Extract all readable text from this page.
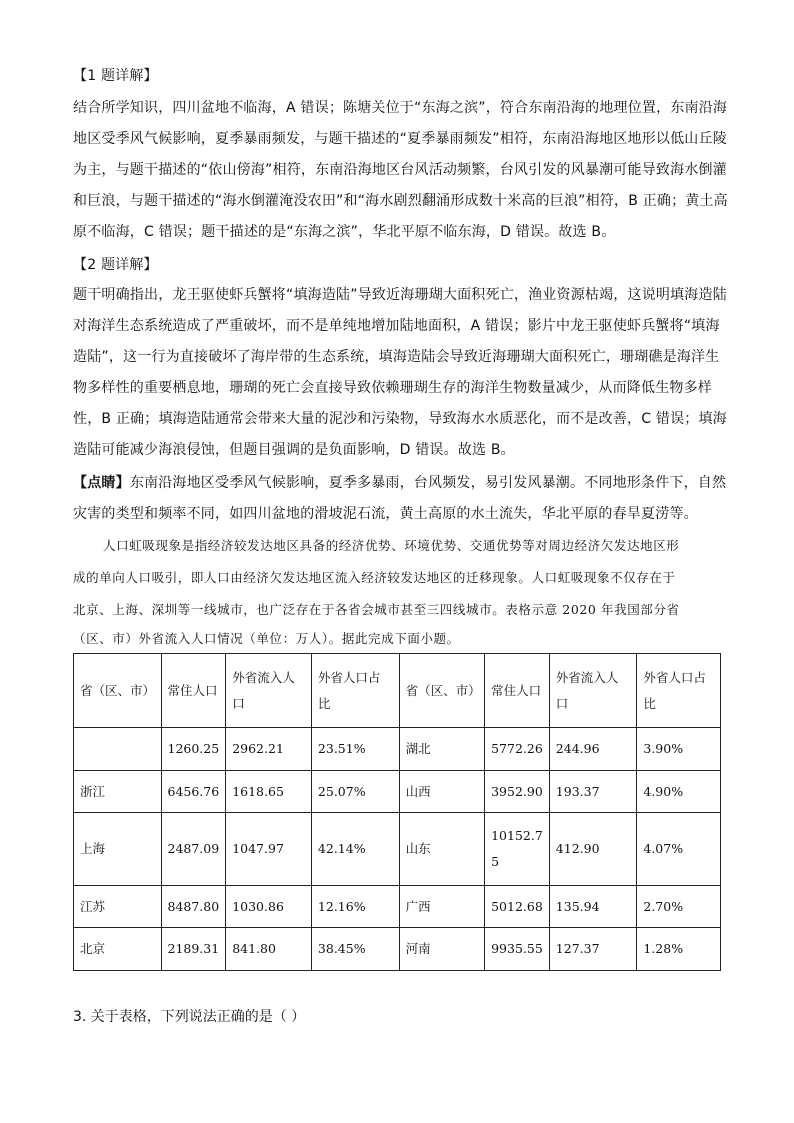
【1 题详解】
结合所学知识，四川盆地不临海，A 错误；陈塘关位于“东海之滨”，符合东南沿海的地理位置，东南沿海
地区受季风气候影响，夏季暴雨频发，与题干描述的“夏季暴雨频发”相符，东南沿海地区地形以低山丘陵
为主，与题干描述的“依山傍海”相符，东南沿海地区台风活动频繁，台风引发的风暴潮可能导致海水倒灌
和巨浪，与题干描述的“海水倒灌淹没农田”和“海水剧烈翻涌形成数十米高的巨浪”相符，B 正确；黄土高
原不临海，C 错误；题干描述的是“东海之滨”，华北平原不临东海，D 错误。故选 B。
【2 题详解】
题干明确指出，龙王驱使虾兵蟹将“填海造陆”导致近海珊瑚大面积死亡，渔业资源枯竭，这说明填海造陆
对海洋生态系统造成了严重破坏，而不是单纯地增加陆地面积，A 错误；影片中龙王驱使虾兵蟹将“填海
造陆”，这一行为直接破坏了海岸带的生态系统，填海造陆会导致近海珊瑚大面积死亡，珊瑚礁是海洋生
物多样性的重要栖息地，珊瑚的死亡会直接导致依赖珊瑚生存的海洋生物数量减少，从而降低生物多样
性，B 正确；填海造陆通常会带来大量的泥沙和污染物，导致海水水质恶化，而不是改善，C 错误；填海
造陆可能减少海浪侵蚀，但题目强调的是负面影响，D 错误。故选 B。
【点睛】东南沿海地区受季风气候影响，夏季多暴雨，台风频发，易引发风暴潮。不同地形条件下，自然
灾害的类型和频率不同，如四川盆地的滑坡泥石流，黄土高原的水土流失，华北平原的春旱夏涝等。
人口虹吸现象是指经济较发达地区具备的经济优势、环境优势、交通优势等对周边经济欠发达地区形
成的单向人口吸引，即人口由经济欠发达地区流入经济较发达地区的迁移现象。人口虹吸现象不仅存在于
北京、上海、深圳等一线城市，也广泛存在于各省会城市甚至三四线城市。表格示意 2020 年我国部分省
（区、市）外省流入人口情况（单位：万人）。据此完成下面小题。
省（区、市）	常住人口	外省流入人口	外省人口占比	省（区、市）	常住人口	外省流入人口	外省人口占比
	1260.25	2962.21	23.51%	湖北	5772.26	244.96	3.90%
浙江	6456.76	1618.65	25.07%	山西	3952.90	193.37	4.90%
上海	2487.09	1047.97	42.14%	山东	10152.75	412.90	4.07%
江苏	8487.80	1030.86	12.16%	广西	5012.68	135.94	2.70%
北京	2189.31	841.80	38.45%	河南	9935.55	127.37	1.28%
3. 关于表格，下列说法正确的是（ ）
